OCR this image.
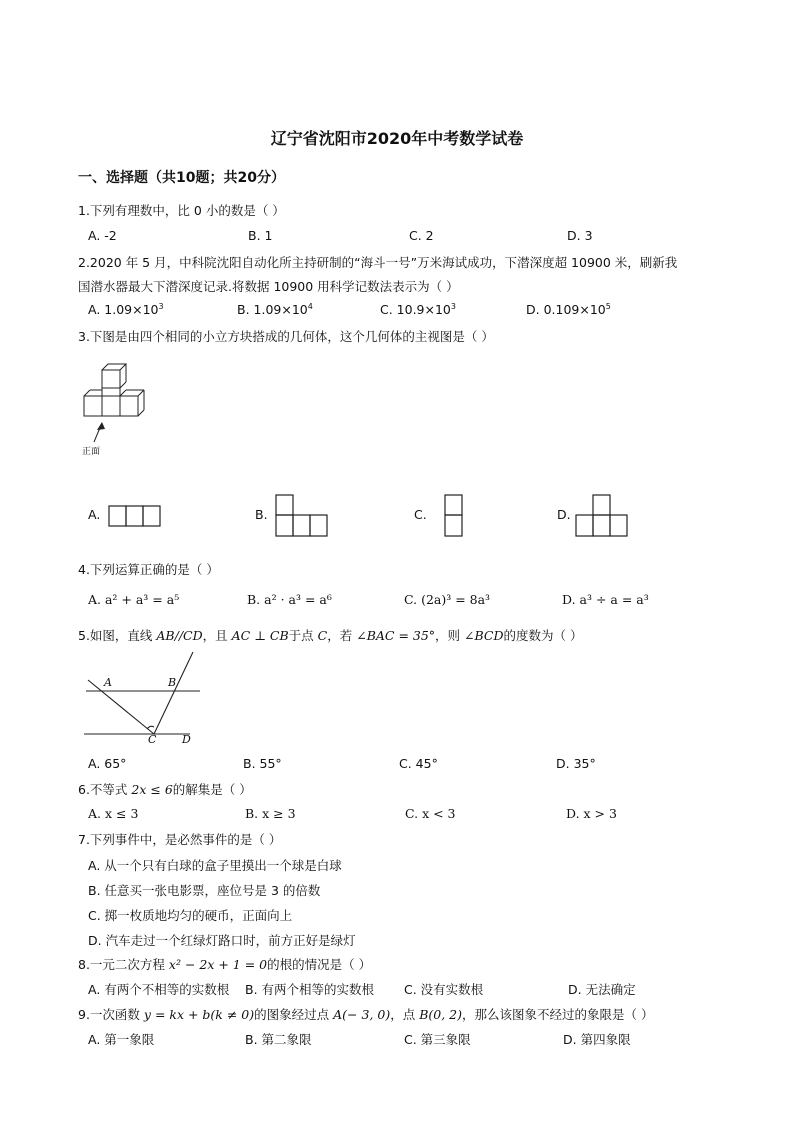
辽宁省沈阳市2020年中考数学试卷
一、选择题（共10题；共20分）
1.下列有理数中，比 0 小的数是（ ）
A. -2	B. 1	C. 2	D. 3
2.2020 年 5 月，中科院沈阳自动化所主持研制的“海斗一号”万米海试成功，下潜深度超 10900 米，刷新我
国潜水器最大下潜深度记录.将数据 10900 用科学记数法表示为（ ）
A. $1.09\times 10^3$	B. $1.09\times 10^4$	C. $10.9\times 10^3$	D. $0.109\times 10^5$
3.下图是由四个相同的小立方块搭成的几何体，这个几何体的主视图是（ ）
正面
A.	B.	C.	D.
4.下列运算正确的是（ ）
A. a² + a³ = a⁵	B. a² · a³ = a⁶	C. (2a)³ = 8a³	D. a³ ÷ a = a³
5.如图，直线 AB//CD，且 AC ⊥ CB于点 C，若 ∠BAC = 35°，则 ∠BCD的度数为（ ）
A	B
C D
A. 65°	B. 55°	C. 45°	D. 35°
6.不等式 2x ≤ 6的解集是（ ）
A. x ≤ 3	B. x ≥ 3	C. x < 3	D. x > 3
7.下列事件中，是必然事件的是（ ）
A. 从一个只有白球的盒子里摸出一个球是白球
B. 任意买一张电影票，座位号是 3 的倍数
C. 掷一枚质地均匀的硬币，正面向上
D. 汽车走过一个红绿灯路口时，前方正好是绿灯
8.一元二次方程 x² − 2x + 1 = 0的根的情况是（ ）
A. 有两个不相等的实数根 B. 有两个相等的实数根 C. 没有实数根	D. 无法确定
9.一次函数 y = kx + b(k ≠ 0)的图象经过点 A(− 3, 0)，点 B(0, 2)，那么该图象不经过的象限是（ ）
A. 第一象限	B. 第二象限	C. 第三象限	D. 第四象限
